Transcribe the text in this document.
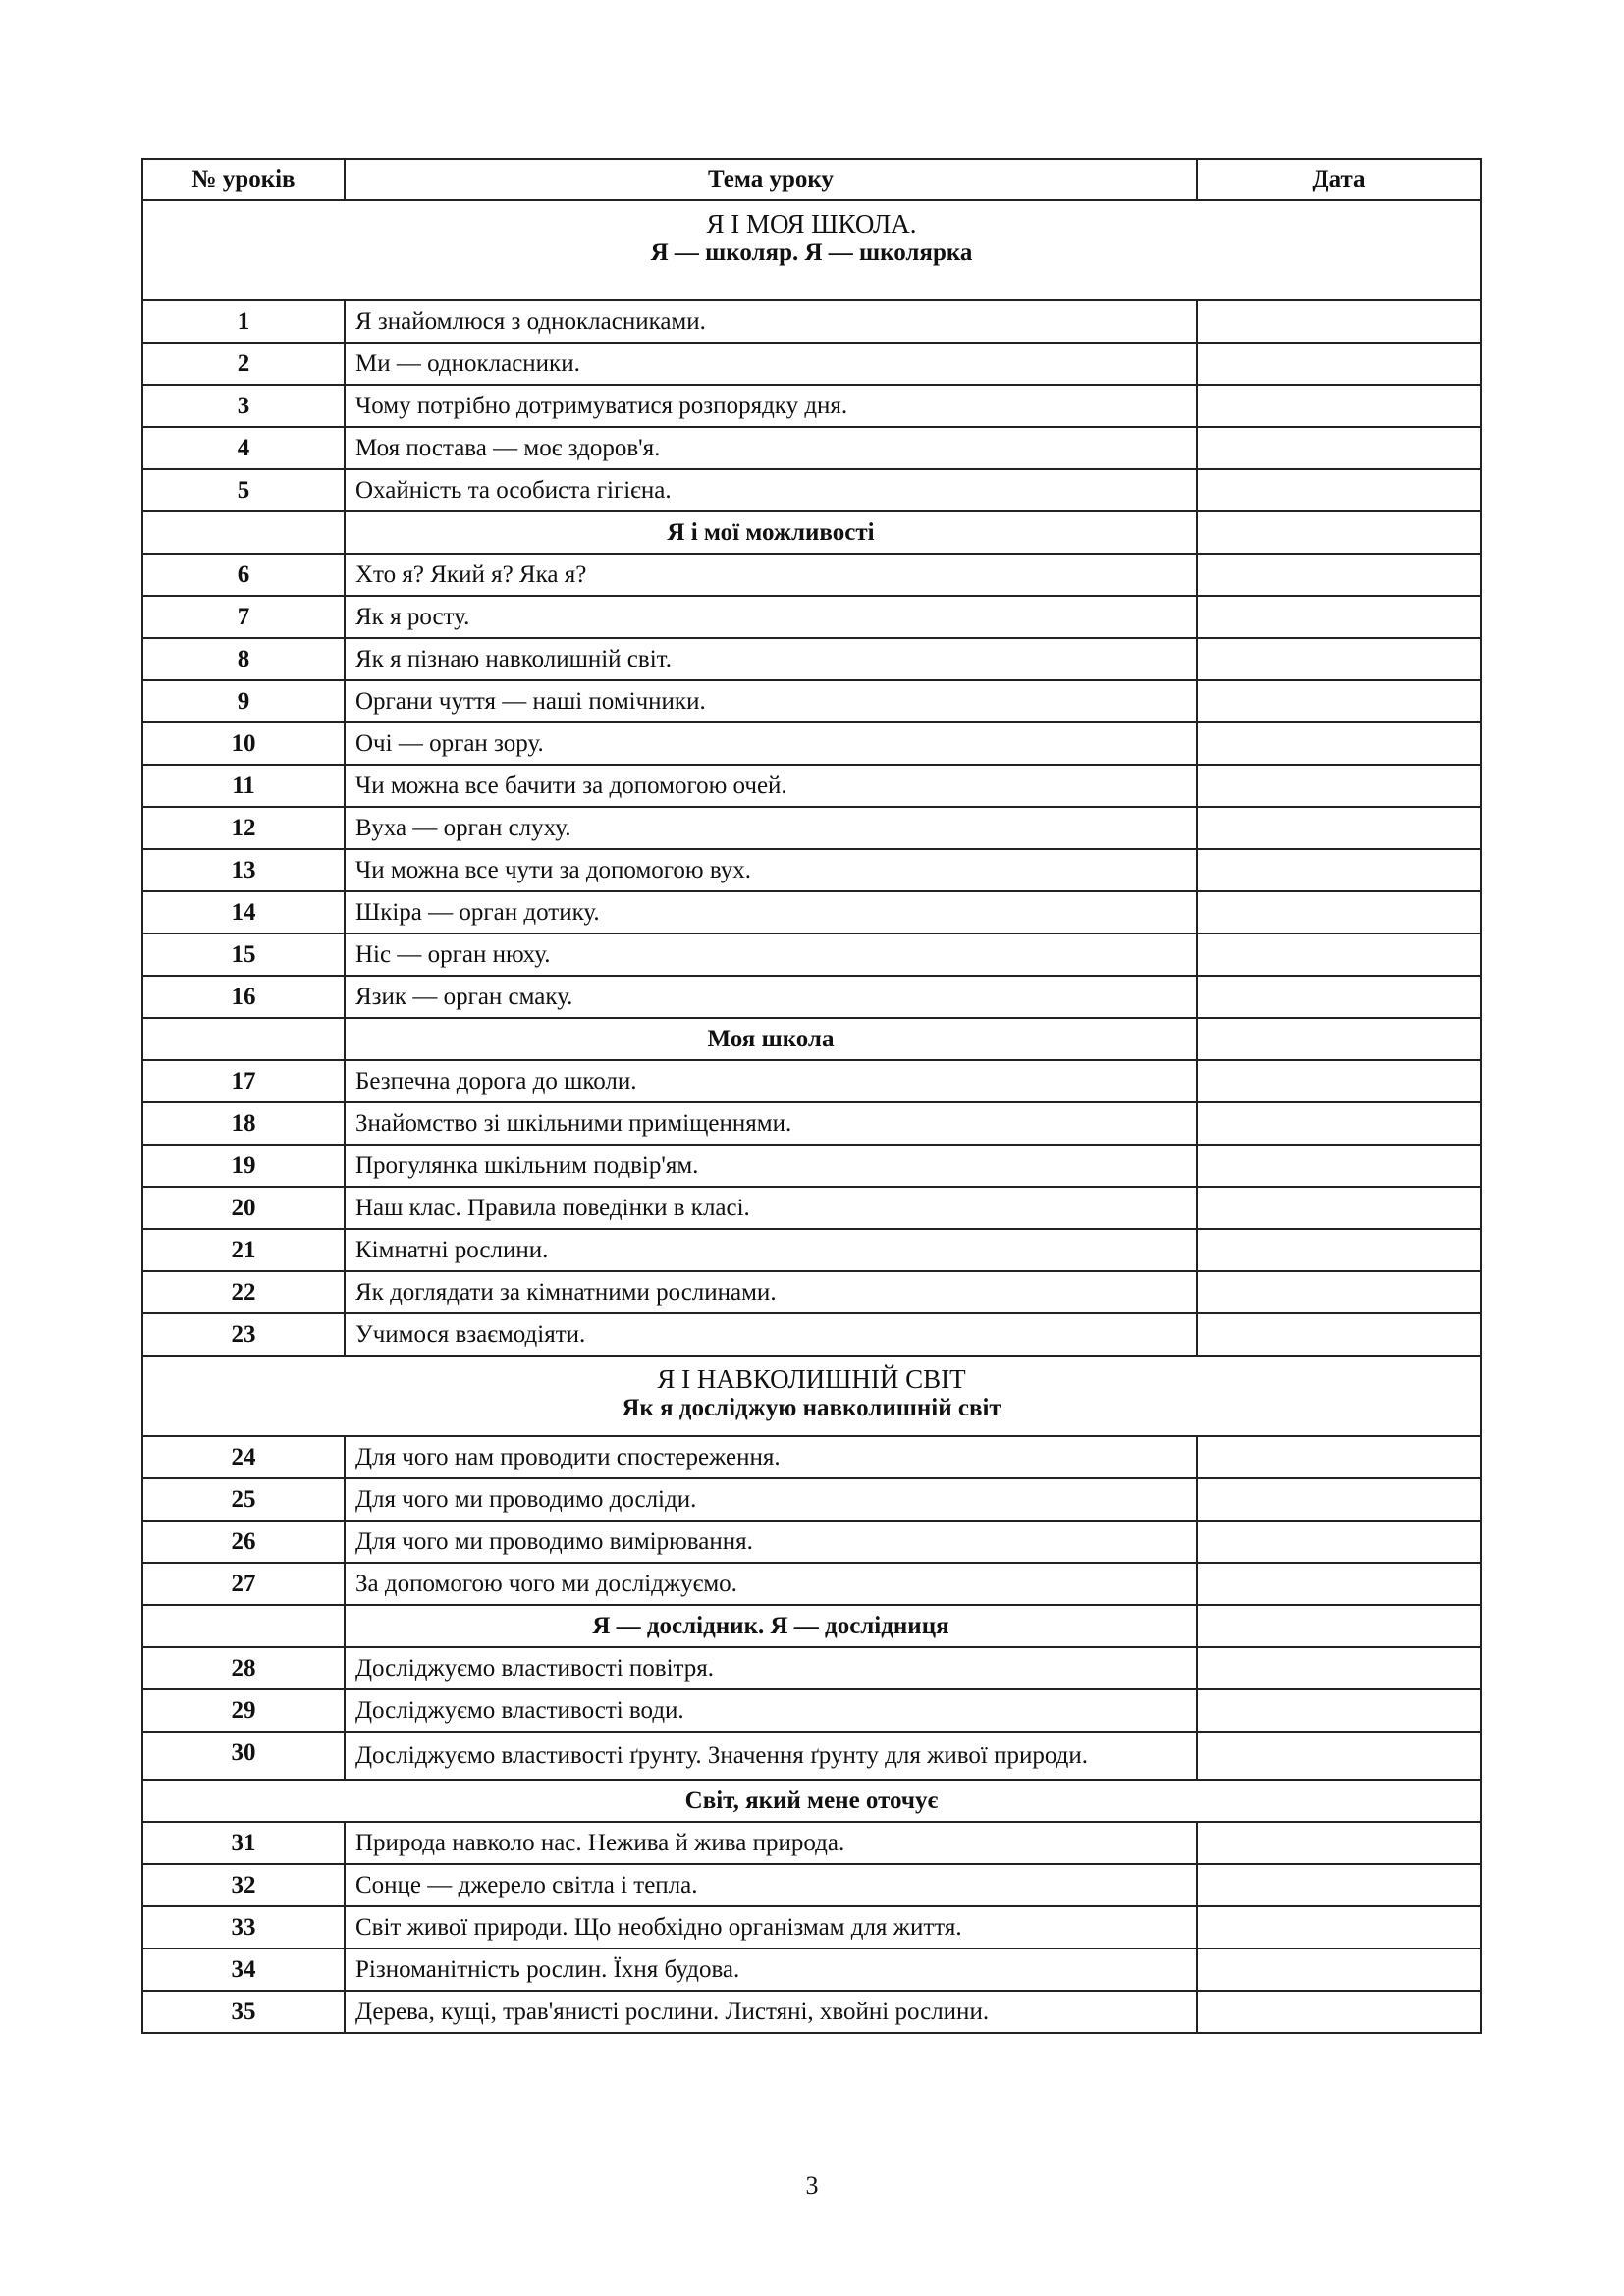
№ уроків	Тема уроку	Дата

Я І МОЯ ШКОЛА.
Я — школяр. Я — школярка		

1	Я знайомлюся з однокласниками.	
2	Ми — однокласники.	
3	Чому потрібно дотримуватися розпорядку дня.	
4	Моя постава — моє здоров'я.	
5	Охайність та особиста гігієна.	
	Я і мої можливості	
6	Хто я? Який я? Яка я?	
7	Як я росту.	
8	Як я пізнаю навколишній світ.	
9	Органи чуття — наші помічники.	
10	Очі — орган зору.	
11	Чи можна все бачити за допомогою очей.	
12	Вуха — орган слуху.	
13	Чи можна все чути за допомогою вух.	
14	Шкіра — орган дотику.	
15	Ніс — орган нюху.	
16	Язик — орган смаку.	
	Моя школа	
17	Безпечна дорога до школи.	
18	Знайомство зі шкільними приміщеннями.	
19	Прогулянка шкільним подвір'ям.	
20	Наш клас. Правила поведінки в класі.	
21	Кімнатні рослини.	
22	Як доглядати за кімнатними рослинами.	
23	Учимося взаємодіяти.	

Я І НАВКОЛИШНІЙ СВІТ
Як я досліджую навколишній світ		

24	Для чого нам проводити спостереження.	
25	Для чого ми проводимо досліди.	
26	Для чого ми проводимо вимірювання.	
27	За допомогою чого ми досліджуємо.	
	Я — дослідник. Я — дослідниця	
28	Досліджуємо властивості повітря.	
29	Досліджуємо властивості води.	
30	Досліджуємо властивості ґрунту. Значення ґрунту для живої природи.	
Світ, який мене оточує		
31	Природа навколо нас. Нежива й жива природа.	
32	Сонце — джерело світла і тепла.	
33	Світ живої природи. Що необхідно організмам для життя.	
34	Різноманітність рослин. Їхня будова.	
35	Дерева, кущі, трав'янисті рослини. Листяні, хвойні рослини.	
3
